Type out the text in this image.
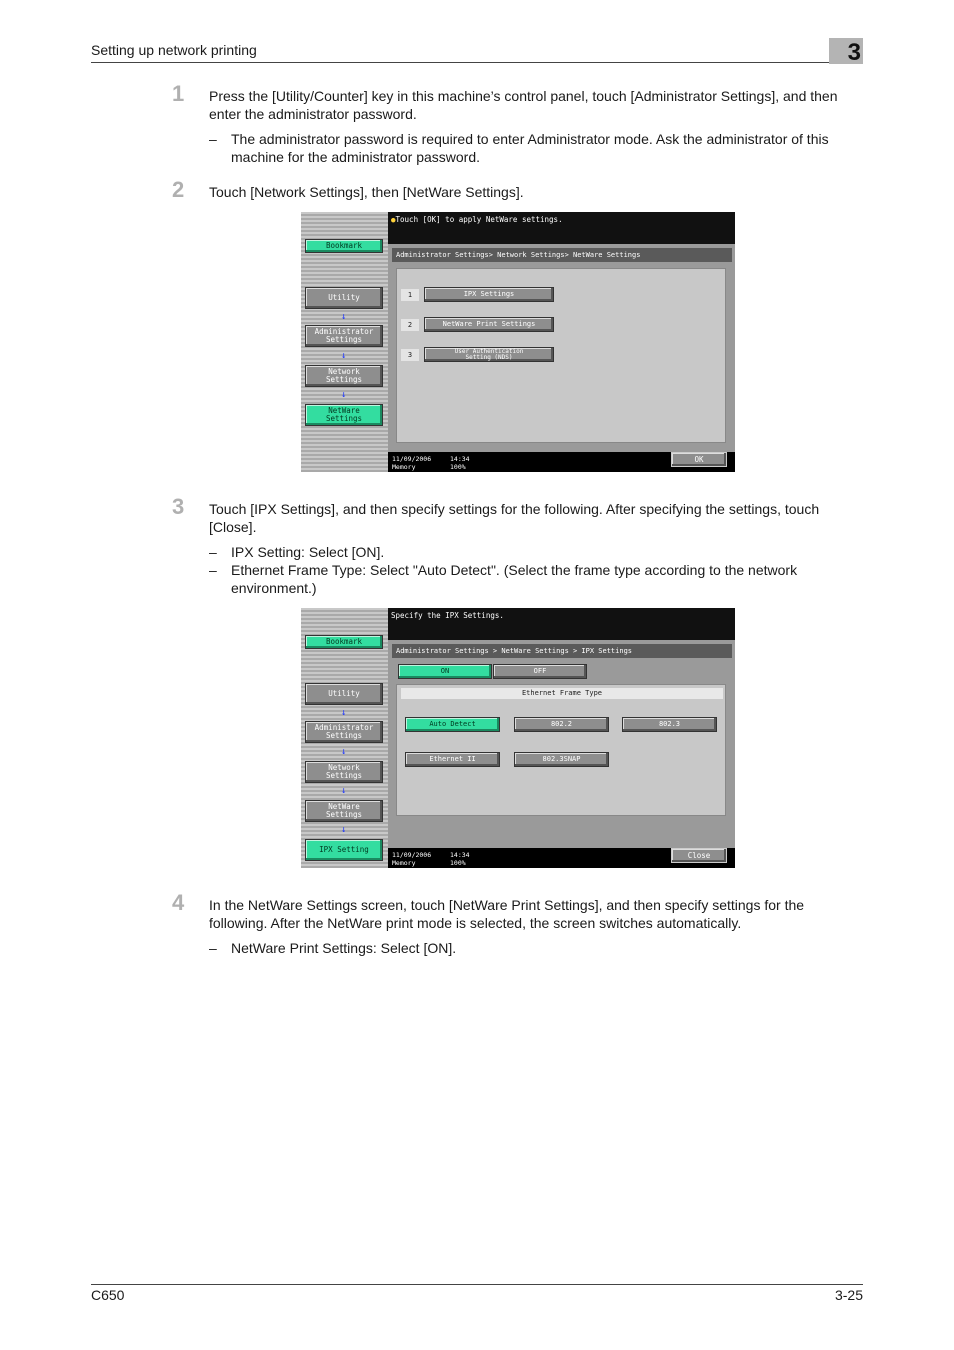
Setting up network printing	3
1 Press the [Utility/Counter] key in this machine’s control panel, touch [Administrator Settings], and then enter the administrator password.
– The administrator password is required to enter Administrator mode. Ask the administrator of this machine for the administrator password.
2 Touch [Network Settings], then [NetWare Settings].
Bookmark
Utility
↓
Administrator
Settings
↓
Network
Settings
↓
NetWare
Settings
●Touch [OK] to apply NetWare settings.
Administrator Settings> Network Settings> NetWare Settings
1	IPX Settings
2	NetWare Print Settings
3	User Authentication
Setting (NDS)
11/09/2006	14:34
Memory	100%
OK
3 Touch [IPX Settings], and then specify settings for the following. After specifying the settings, touch [Close].
– IPX Setting: Select [ON].
– Ethernet Frame Type: Select "Auto Detect". (Select the frame type according to the network environment.)
Bookmark
Utility
↓
Administrator
Settings
↓
Network
Settings
↓
NetWare
Settings
↓
IPX Setting
Specify the IPX Settings.
Administrator Settings > NetWare Settings > IPX Settings
ON	OFF
Ethernet Frame Type
Auto Detect	802.2	802.3
Ethernet II	802.3SNAP
11/09/2006	14:34
Memory	100%
Close
4 In the NetWare Settings screen, touch [NetWare Print Settings], and then specify settings for the following. After the NetWare print mode is selected, the screen switches automatically.
– NetWare Print Settings: Select [ON].
C650	3-25
